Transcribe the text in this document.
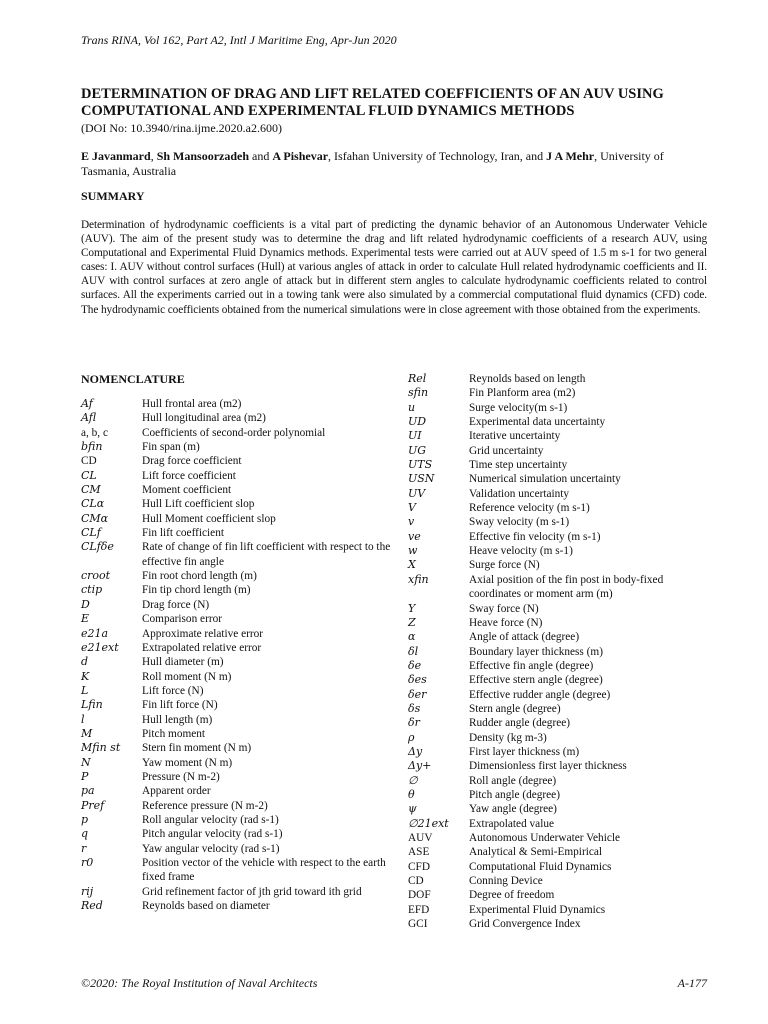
Trans RINA, Vol 162, Part A2, Intl J Maritime Eng, Apr-Jun 2020
DETERMINATION OF DRAG AND LIFT RELATED COEFFICIENTS OF AN AUV USING COMPUTATIONAL AND EXPERIMENTAL FLUID DYNAMICS METHODS
(DOI No: 10.3940/rina.ijme.2020.a2.600)

E Javanmard, Sh Mansoorzadeh and A Pishevar, Isfahan University of Technology, Iran, and J A Mehr, University of Tasmania, Australia

SUMMARY

Determination of hydrodynamic coefficients is a vital part of predicting the dynamic behavior of an Autonomous Underwater Vehicle (AUV). The aim of the present study was to determine the drag and lift related hydrodynamic coefficients of a research AUV, using Computational and Experimental Fluid Dynamics methods. Experimental tests were carried out at AUV speed of 1.5 m s-1 for two general cases: I. AUV without control surfaces (Hull) at various angles of attack in order to calculate Hull related hydrodynamic coefficients and II. AUV with control surfaces at zero angle of attack but in different stern angles to calculate hydrodynamic coefficients related to control surfaces. All the experiments carried out in a towing tank were also simulated by a commercial computational fluid dynamics (CFD) code. The hydrodynamic coefficients obtained from the numerical simulations were in close agreement with those obtained from the experiments.

NOMENCLATURE
Af	Hull frontal area (m2)
Afl	Hull longitudinal area (m2)
a, b, c	Coefficients of second-order polynomial
bfin	Fin span (m)
CD	Drag force coefficient
CL	Lift force coefficient
CM	Moment coefficient
CLα	Hull Lift coefficient slop
CMα	Hull Moment coefficient slop
CLf	Fin lift coefficient
CLfδe	Rate of change of fin lift coefficient with respect to the effective fin angle
croot	Fin root chord length (m)
ctip	Fin tip chord length (m)
D	Drag force (N)
E	Comparison error
e21a	Approximate relative error
e21ext	Extrapolated relative error
d	Hull diameter (m)
K	Roll moment (N m)
L	Lift force (N)
Lfin	Fin lift force (N)
l	Hull length (m)
M	Pitch moment
Mfin st	Stern fin moment (N m)
N	Yaw moment (N m)
P	Pressure (N m-2)
pa	Apparent order
Pref	Reference pressure (N m-2)
p	Roll angular velocity (rad s-1)
q	Pitch angular velocity (rad s-1)
r	Yaw angular velocity (rad s-1)
r0	Position vector of the vehicle with respect to the earth fixed frame
rij	Grid refinement factor of jth grid toward ith grid
Red	Reynolds based on diameter
Rel	Reynolds based on length
sfin	Fin Planform area (m2)
u	Surge velocity(m s-1)
UD	Experimental data uncertainty
UI	Iterative uncertainty
UG	Grid uncertainty
UTS	Time step uncertainty
USN	Numerical simulation uncertainty
UV	Validation uncertainty
V	Reference velocity (m s-1)
v	Sway velocity (m s-1)
ve	Effective fin velocity (m s-1)
w	Heave velocity (m s-1)
X	Surge force (N)
xfin	Axial position of the fin post in body-fixed coordinates or moment arm (m)
Y	Sway force (N)
Z	Heave force (N)
α	Angle of attack (degree)
δl	Boundary layer thickness (m)
δe	Effective fin angle (degree)
δes	Effective stern angle (degree)
δer	Effective rudder angle (degree)
δs	Stern angle (degree)
δr	Rudder angle (degree)
ρ	Density (kg m-3)
Δy	First layer thickness (m)
Δy+	Dimensionless first layer thickness
∅	Roll angle (degree)
θ	Pitch angle (degree)
ψ	Yaw angle (degree)
∅21ext	Extrapolated value
AUV	Autonomous Underwater Vehicle
ASE	Analytical & Semi-Empirical
CFD	Computational Fluid Dynamics
CD	Conning Device
DOF	Degree of freedom
EFD	Experimental Fluid Dynamics
GCI	Grid Convergence Index
©2020: The Royal Institution of Naval Architects	A-177
